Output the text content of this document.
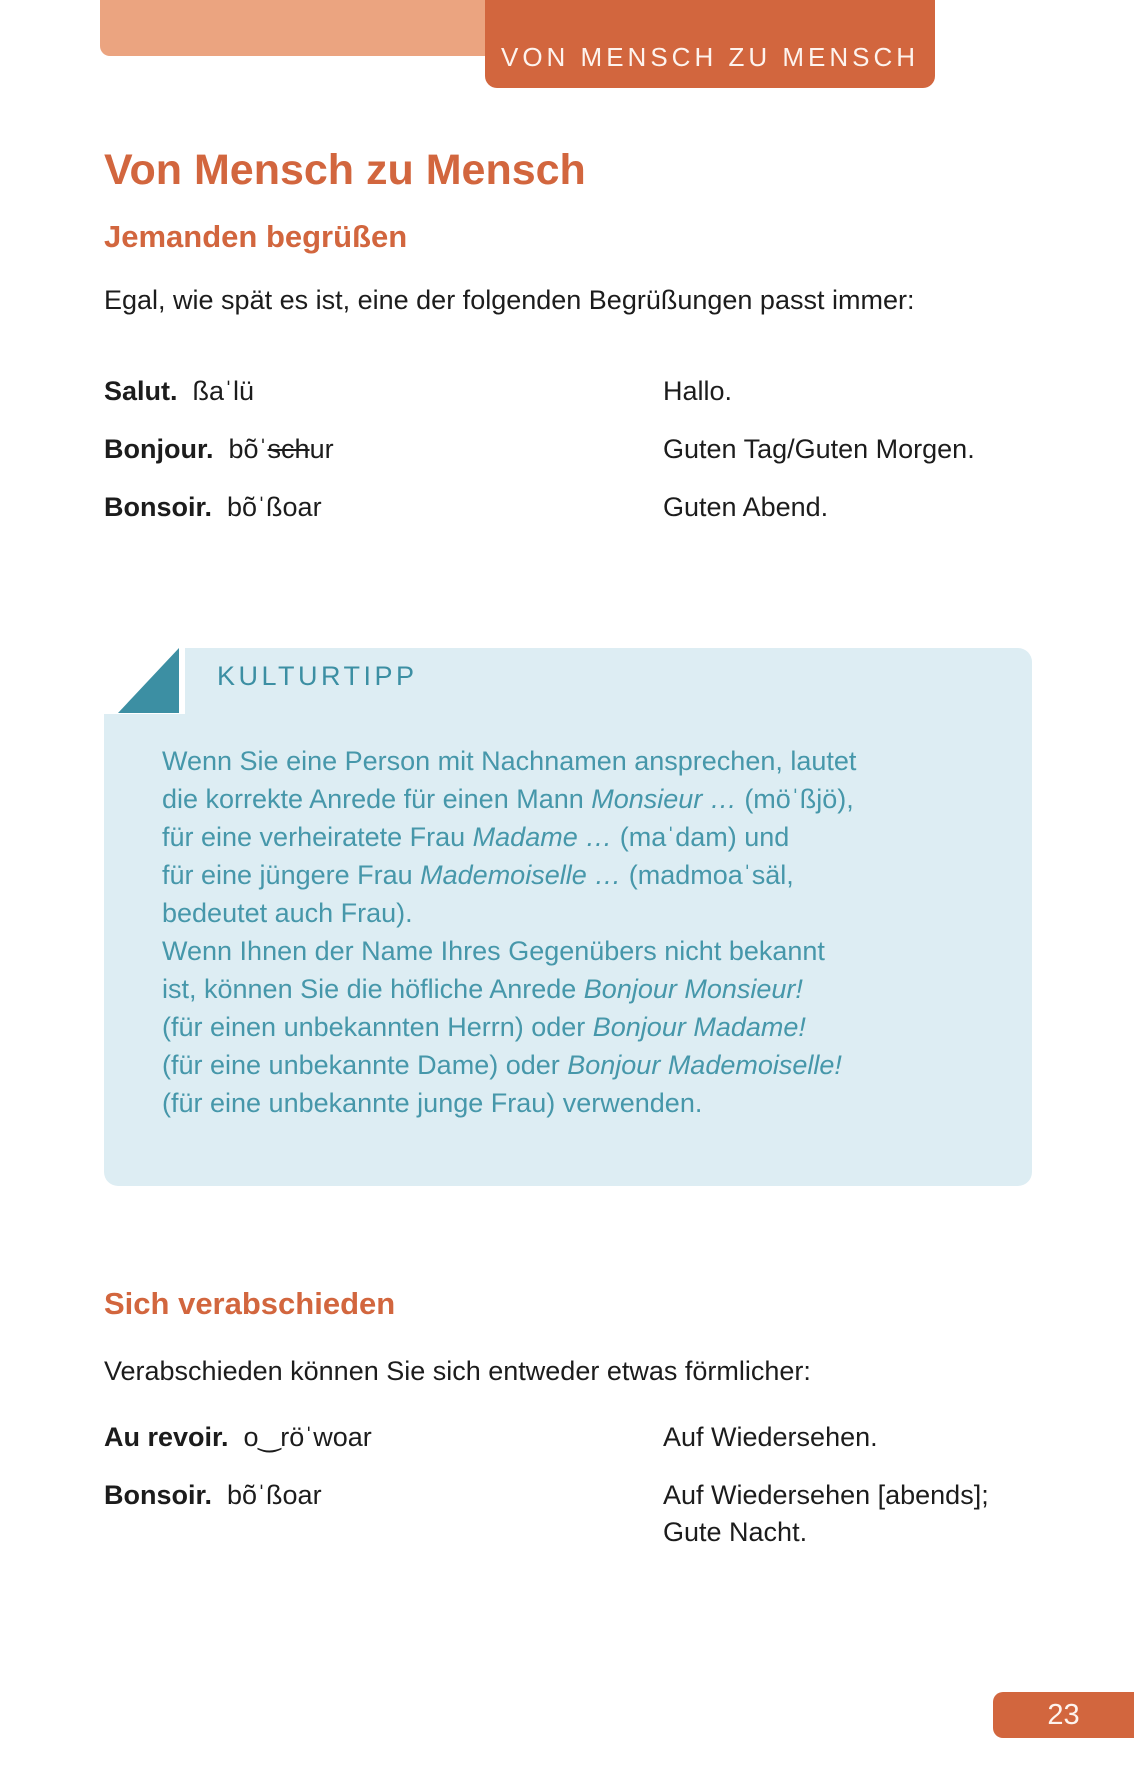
VON MENSCH ZU MENSCH
Von Mensch zu Mensch
Jemanden begrüßen

Egal, wie spät es ist, eine der folgenden Begrüßungen passt immer:

Salut. ßaˈlü	Hallo.
Bonjour. bõˈschur	Guten Tag/Guten Morgen.
Bonsoir. bõˈßoar	Guten Abend.
KULTURTIPP
Wenn Sie eine Person mit Nachnamen ansprechen, lautet
die korrekte Anrede für einen Mann Monsieur … (möˈßjö),
für eine verheiratete Frau Madame … (maˈdam) und
für eine jüngere Frau Mademoiselle … (madmoaˈsäl,
bedeutet auch Frau).
Wenn Ihnen der Name Ihres Gegenübers nicht bekannt
ist, können Sie die höfliche Anrede Bonjour Monsieur!
(für einen unbekannten Herrn) oder Bonjour Madame!
(für eine unbekannte Dame) oder Bonjour Mademoiselle!
(für eine unbekannte junge Frau) verwenden.
Sich verabschieden

Verabschieden können Sie sich entweder etwas förmlicher:

Au revoir. o‿röˈwoar	Auf Wiedersehen.
Bonsoir. bõˈßoar	Auf Wiedersehen [abends];
Gute Nacht.
23
